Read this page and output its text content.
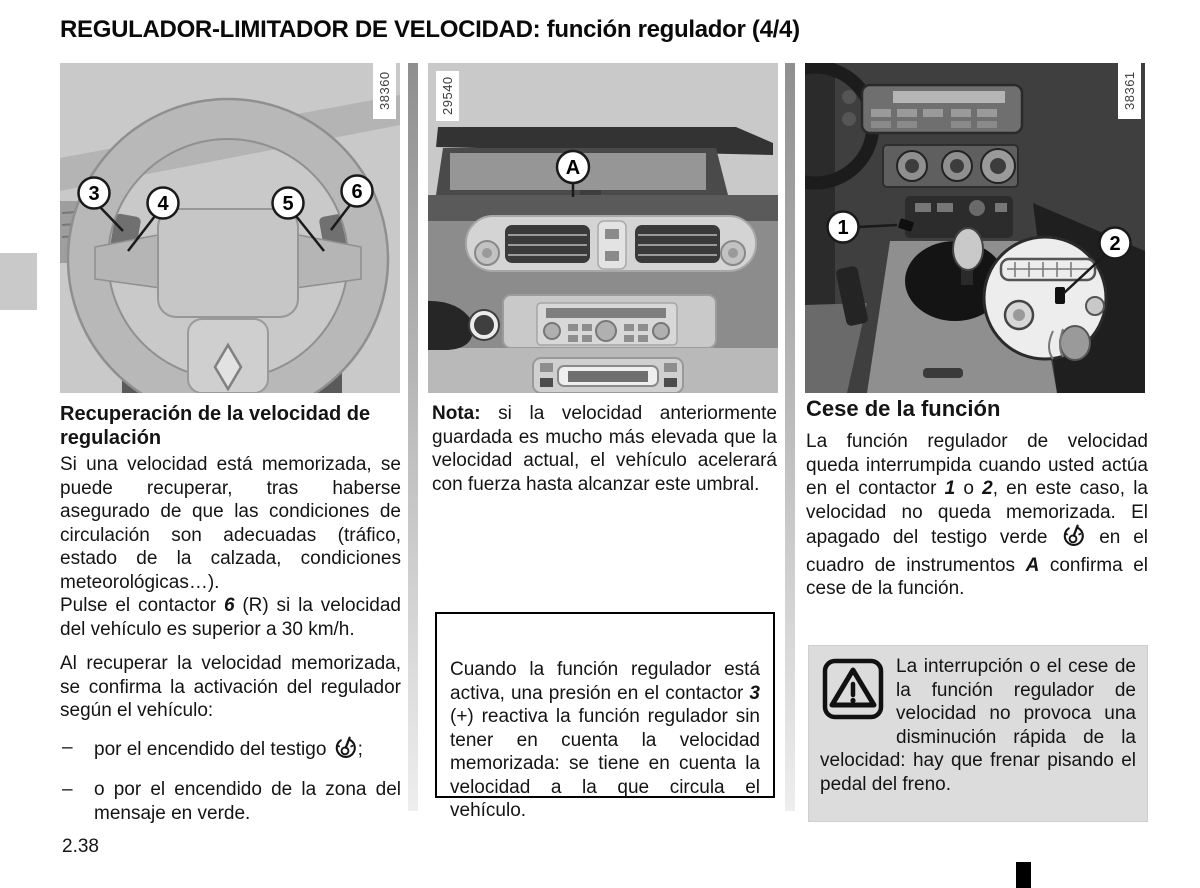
REGULADOR-LIMITADOR DE VELOCIDAD: función regulador (4/4)
3	4	5
6
38360
A
29540
1
2
38361
Recuperación de la velocidad de regulación

Si una velocidad está memorizada, se puede recuperar, tras haberse asegurado de que las condiciones de circulación son adecuadas (tráfico, estado de la calzada, condiciones meteorológicas…).

Pulse el contactor 6 (R) si la velocidad del vehículo es superior a 30 km/h.

Al recuperar la velocidad memorizada, se confirma la activación del regulador según el vehículo:

– por el encendido del testigo ;
– o por el encendido de la zona del mensaje en verde.
Nota: si la velocidad anteriormente guardada es mucho más elevada que la velocidad actual, el vehículo acelerará con fuerza hasta alcanzar este umbral.
Cuando la función regulador está activa, una presión en el contactor 3 (+) reactiva la función regulador sin tener en cuenta la velocidad memorizada: se tiene en cuenta la velocidad a la que circula el vehículo.
Cese de la función

La función regulador de velocidad queda interrumpida cuando usted actúa en el contactor 1 o 2, en este caso, la velocidad no queda memorizada. El apagado del testigo verde  en el cuadro de instrumentos A confirma el cese de la función.

La interrupción o el cese de la función regulador de velocidad no provoca una disminución rápida de la velocidad: hay que frenar pisando el pedal del freno.
2.38
